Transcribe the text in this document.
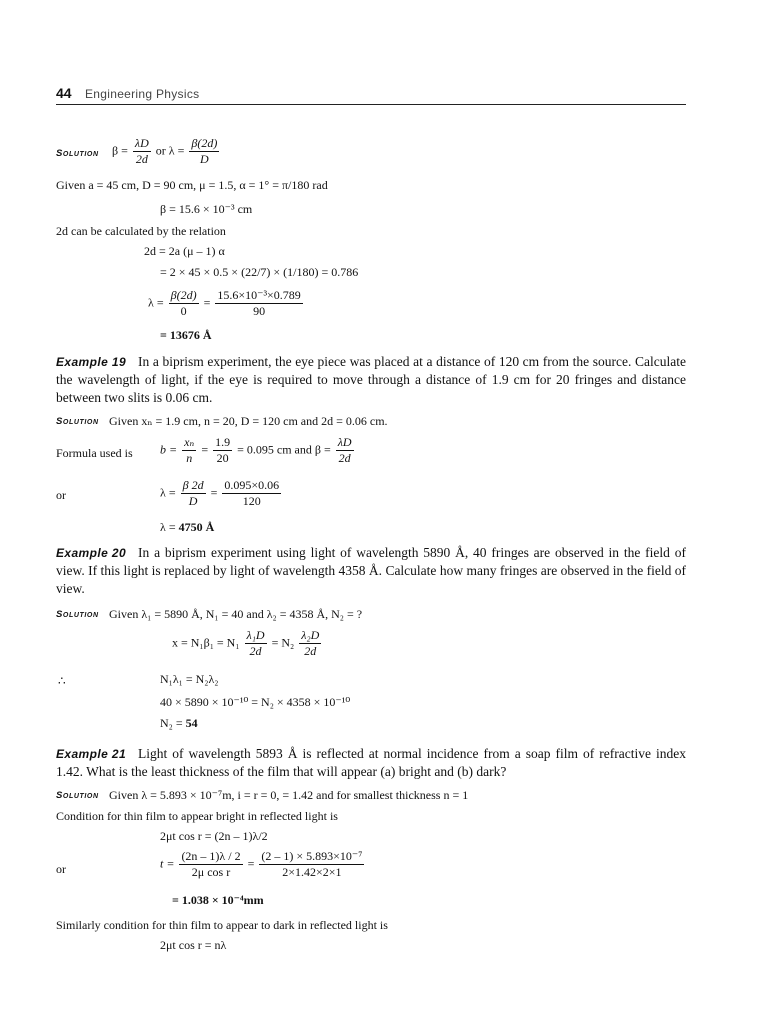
44 Engineering Physics
Solution $\beta = \frac{\lambda D}{2d}$ or $\lambda = \frac{\beta(2d)}{D}$
Given a = 45 cm, D = 90 cm, μ = 1.5, α = 1° = π/180 rad
β = 15.6 × 10⁻³ cm
2d can be calculated by the relation
2d = 2a (μ – 1) α
= 2 × 45 × 0.5 × (22/7) × (1/180) = 0.786
$\lambda = \frac{\beta(2d)}{0} = \frac{\text{15.6×10⁻³×0.789}}{90}$
= 13676 Å
In a biprism experiment, the eye piece was placed at a distance of 120 cm from the source. Calculate the wavelength of light, if the eye is required to move through a distance of 1.9 cm for 20 fringes and distance between two slits is 0.06 cm.
Example 19
Solution Given xₙ = 1.9 cm, n = 20, D = 120 cm and 2d = 0.06 cm.
Formula used is $b = \frac{\text{xₙ}}{n} = \frac{1.9}{20} = 0.095$ cm and $\beta = \frac{\lambda D}{2d}$
or	$\lambda = \frac{\beta 2d}{D} = \frac{0.095\times 0.06}{120}$
λ = 4750 Å
In a biprism experiment using light of wavelength 5890 Å, 40 fringes are observed in the field of view. If this light is replaced by light of wavelength 4358 Å. Calculate how many fringes are observed in the field of view.
Example 20
Solution Given λ₁ = 5890 Å, N₁ = 40 and λ₂ = 4358 Å, N₂ = ?
$x = N_1\beta_1 = N_1 \frac{\text{λ₁D}}{2d} = N_2 \frac{\text{λ₂D}}{2d}$
∴	N₁λ₁ = N₂λ₂
40 × 5890 × 10⁻¹⁰ = N₂ × 4358 × 10⁻¹⁰
N₂ = 54
Light of wavelength 5893 Å is reflected at normal incidence from a soap film of refractive index 1.42. What is the least thickness of the film that will appear (a) bright and (b) dark?
Example 21
Solution Given λ = 5.893 × 10⁻⁷m, i = r = 0, = 1.42 and for smallest thickness n = 1
Condition for thin film to appear bright in reflected light is
2μt cos r = (2n – 1)λ/2
or	$t = \frac{(2n - 1)\lambda / 2}{\text{2μ cos r}} = \frac{\text{(2 – 1) × 5.893×10⁻⁷}}{2\times 1.42\times 2\times 1}$
= 1.038 × 10⁻⁴mm
Similarly condition for thin film to appear to dark in reflected light is
2μt cos r = nλ
